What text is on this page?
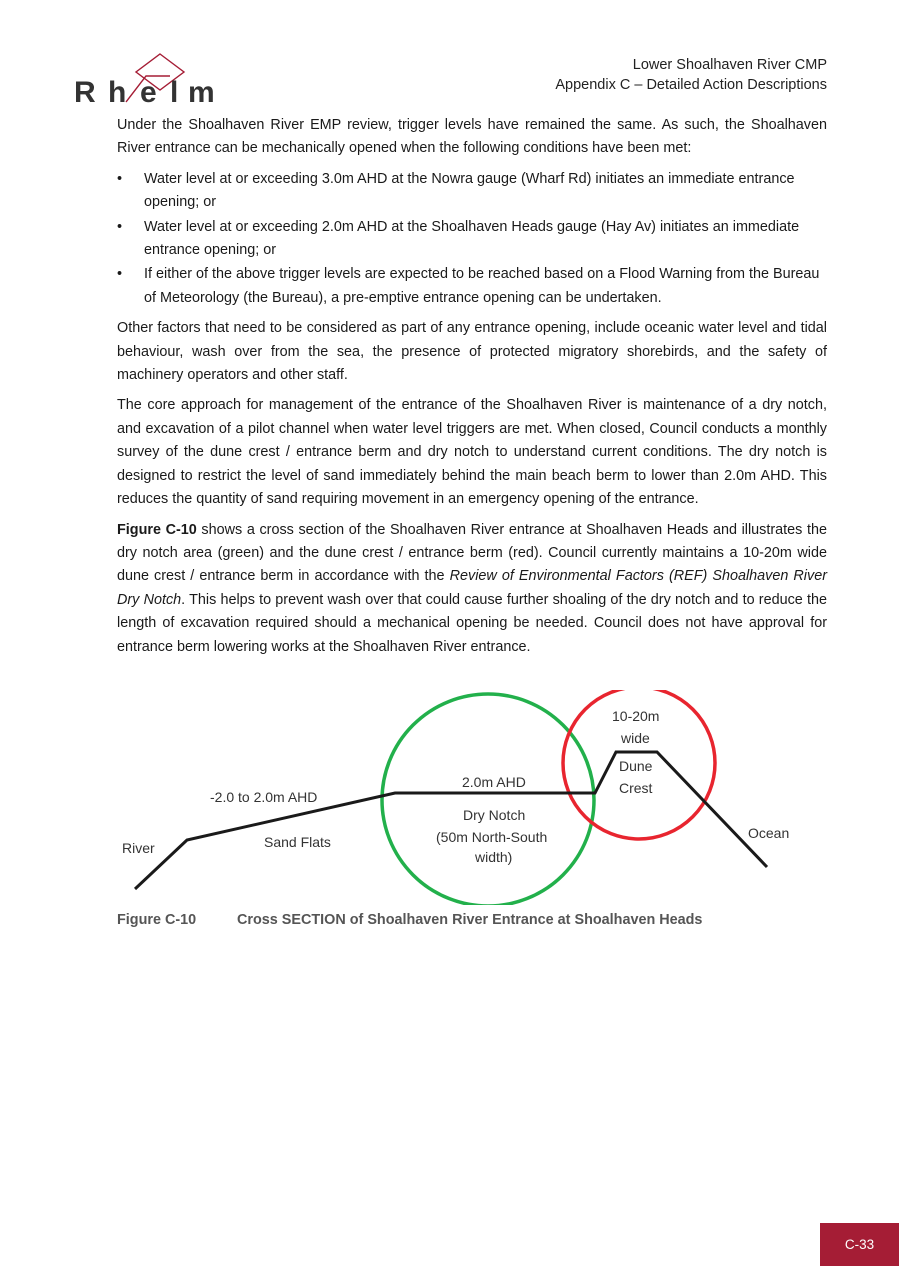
R h e l m
Lower Shoalhaven River CMP
Appendix C – Detailed Action Descriptions

Under the Shoalhaven River EMP review, trigger levels have remained the same. As such, the Shoalhaven River entrance can be mechanically opened when the following conditions have been met:

• Water level at or exceeding 3.0m AHD at the Nowra gauge (Wharf Rd) initiates an immediate entrance opening; or
• Water level at or exceeding 2.0m AHD at the Shoalhaven Heads gauge (Hay Av) initiates an immediate entrance opening; or
• If either of the above trigger levels are expected to be reached based on a Flood Warning from the Bureau of Meteorology (the Bureau), a pre-emptive entrance opening can be undertaken.

Other factors that need to be considered as part of any entrance opening, include oceanic water level and tidal behaviour, wash over from the sea, the presence of protected migratory shorebirds, and the safety of machinery operators and other staff.

The core approach for management of the entrance of the Shoalhaven River is maintenance of a dry notch, and excavation of a pilot channel when water level triggers are met. When closed, Council conducts a monthly survey of the dune crest / entrance berm and dry notch to understand current conditions. The dry notch is designed to restrict the level of sand immediately behind the main beach berm to lower than 2.0m AHD. This reduces the quantity of sand requiring movement in an emergency opening of the entrance.

Figure C-10 shows a cross section of the Shoalhaven River entrance at Shoalhaven Heads and illustrates the dry notch area (green) and the dune crest / entrance berm (red). Council currently maintains a 10-20m wide dune crest / entrance berm in accordance with the Review of Environmental Factors (REF) Shoalhaven River Dry Notch. This helps to prevent wash over that could cause further shoaling of the dry notch and to reduce the length of excavation required should a mechanical opening be needed. Council does not have approval for entrance berm lowering works at the Shoalhaven River entrance.

River
-2.0 to 2.0m AHD
Sand Flats
2.0m AHD
Dry Notch
(50m North-South
width)
10-20m
wide
Dune
Crest
Ocean
Figure C-10	Cross SECTION of Shoalhaven River Entrance at Shoalhaven Heads
C-33
